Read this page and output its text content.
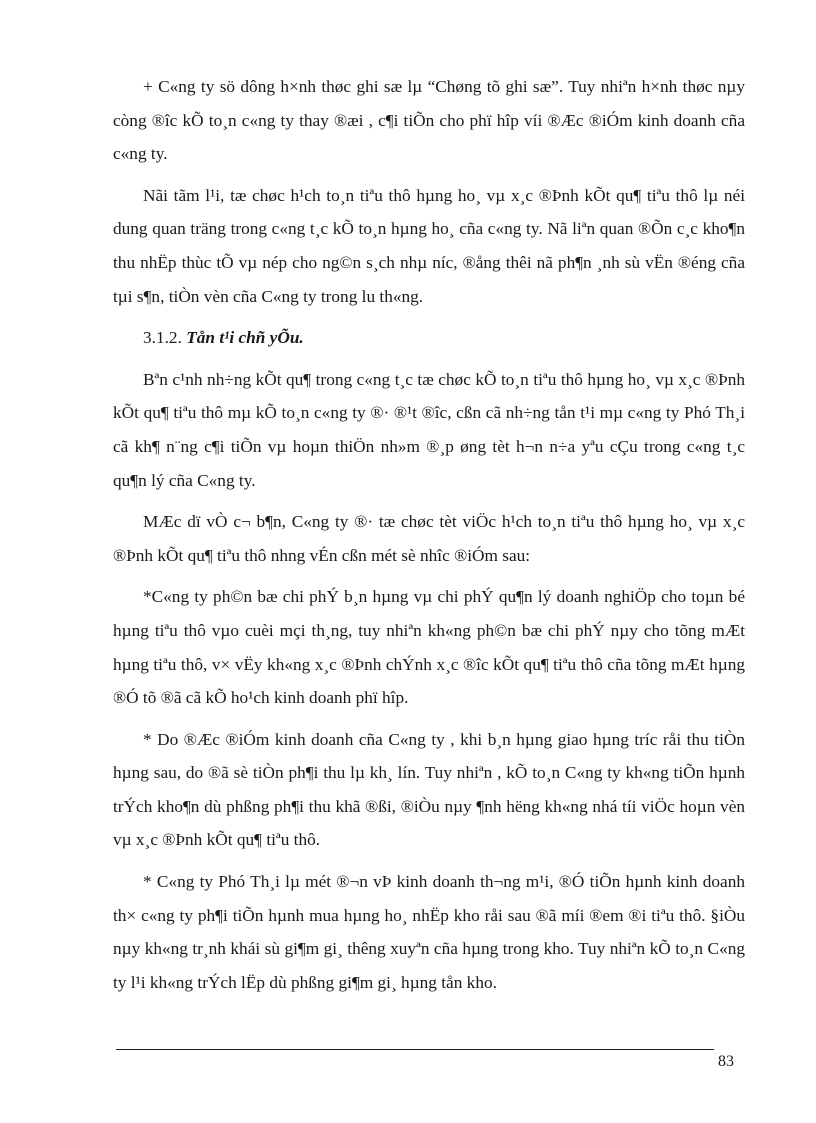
+ C«ng ty sö dông h×nh thøc ghi sæ lµ “Chøng tõ ghi sæ”. Tuy nhiªn h×nh thøc nµy còng ®îc kÕ to¸n c«ng ty thay ®æi , c¶i tiÕn cho phï hîp víi ®Æc ®iÓm kinh doanh cña c«ng ty.

Nãi tãm l¹i, tæ chøc h¹ch to¸n tiªu thô hµng ho¸ vµ x¸c ®Þnh kÕt qu¶ tiªu thô lµ néi dung quan träng trong c«ng t¸c kÕ to¸n hµng ho¸ cña c«ng ty. Nã liªn quan ®Õn c¸c kho¶n thu nhËp thùc tÕ vµ nép cho ng©n s¸ch nhµ níc, ®ång thêi nã ph¶n ¸nh sù vËn ®éng cña tµi s¶n, tiÒn vèn cña C«ng ty trong lu th«ng.

3.1.2. Tån t¹i chñ yÕu.

Bªn c¹nh nh÷ng kÕt qu¶ trong c«ng t¸c tæ chøc kÕ to¸n tiªu thô hµng ho¸ vµ x¸c ®Þnh kÕt qu¶ tiªu thô mµ kÕ to¸n c«ng ty ®· ®¹t ®îc, cßn cã nh÷ng tån t¹i mµ c«ng ty Phó Th¸i cã kh¶ n¨ng c¶i tiÕn vµ hoµn thiÖn nh»m ®¸p øng tèt h¬n n÷a yªu cÇu trong c«ng t¸c qu¶n lý cña C«ng ty.

MÆc dï vÒ c¬ b¶n, C«ng ty ®· tæ chøc tèt viÖc h¹ch to¸n tiªu thô hµng ho¸ vµ x¸c ®Þnh kÕt qu¶ tiªu thô nhng vÉn cßn mét sè nhîc ®iÓm sau:

*C«ng ty ph©n bæ chi phÝ b¸n hµng vµ chi phÝ qu¶n lý doanh nghiÖp cho toµn bé hµng tiªu thô vµo cuèi mçi th¸ng, tuy nhiªn kh«ng ph©n bæ chi phÝ nµy cho tõng mÆt hµng tiªu thô, v× vËy kh«ng x¸c ®Þnh chÝnh x¸c ®îc kÕt qu¶ tiªu thô cña tõng mÆt hµng ®Ó tõ ®ã cã kÕ ho¹ch kinh doanh phï hîp.

* Do ®Æc ®iÓm kinh doanh cña C«ng ty , khi b¸n hµng giao hµng tríc råi thu tiÒn hµng sau, do ®ã sè tiÒn ph¶i thu lµ kh¸ lín. Tuy nhiªn , kÕ to¸n C«ng ty kh«ng tiÕn hµnh trÝch kho¶n dù phßng ph¶i thu khã ®ßi, ®iÒu nµy ¶nh hëng kh«ng nhá tíi viÖc hoµn vèn vµ x¸c ®Þnh kÕt qu¶ tiªu thô.

* C«ng ty Phó Th¸i lµ mét ®¬n vÞ kinh doanh th¬ng m¹i, ®Ó tiÕn hµnh kinh doanh th× c«ng ty ph¶i tiÕn hµnh mua hµng ho¸ nhËp kho råi sau ®ã míi ®em ®i tiªu thô. §iÒu nµy kh«ng tr¸nh khái sù gi¶m gi¸ thêng xuyªn cña hµng trong kho. Tuy nhiªn kÕ to¸n C«ng ty l¹i kh«ng trÝch lËp dù phßng gi¶m gi¸ hµng tån kho.

83
